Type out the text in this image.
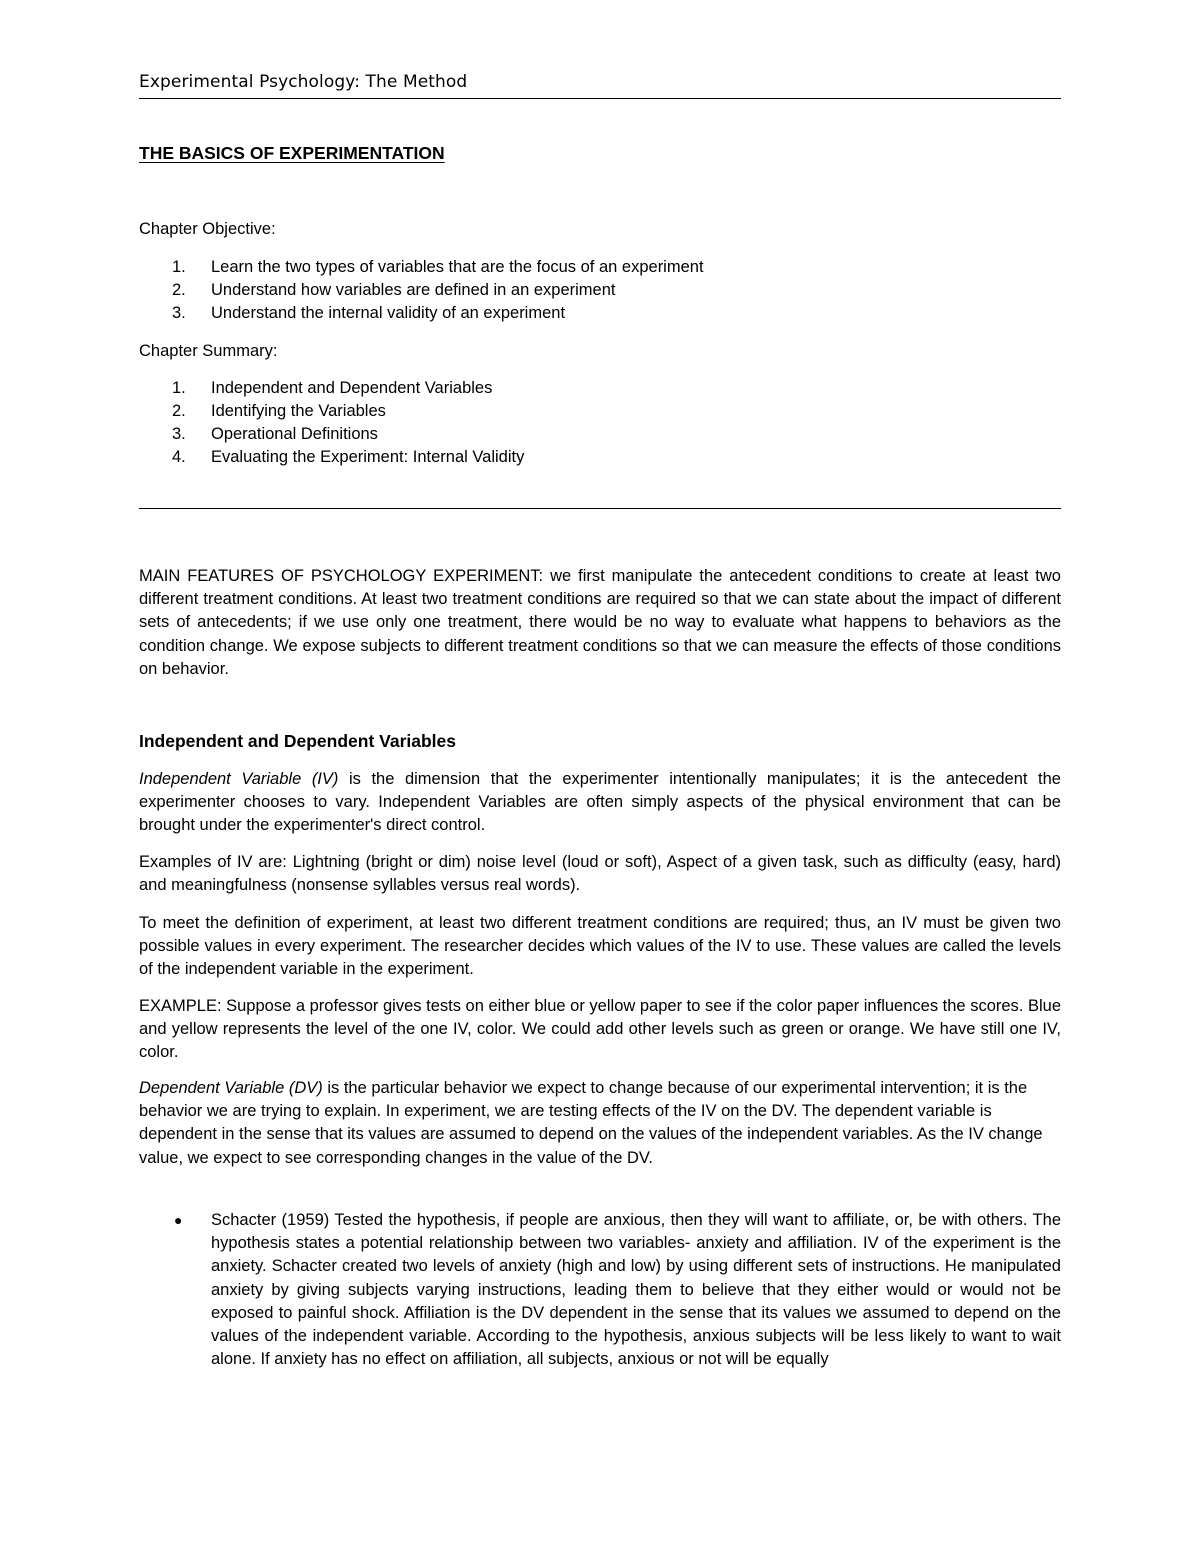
Experimental Psychology: The Method
THE BASICS OF EXPERIMENTATION
Chapter Objective:
1.	Learn the two types of variables that are the focus of an experiment
2.	Understand how variables are defined in an experiment
3.	Understand the internal validity of an experiment
Chapter Summary:
1.	Independent and Dependent Variables
2.	Identifying the Variables
3.	Operational Definitions
4.	Evaluating the Experiment: Internal Validity

MAIN FEATURES OF PSYCHOLOGY EXPERIMENT: we first manipulate the antecedent conditions to create at least two different treatment conditions. At least two treatment conditions are required so that we can state about the impact of different sets of antecedents; if we use only one treatment, there would be no way to evaluate what happens to behaviors as the condition change. We expose subjects to different treatment conditions so that we can measure the effects of those conditions on behavior.

Independent and Dependent Variables

Independent Variable (IV) is the dimension that the experimenter intentionally manipulates; it is the antecedent the experimenter chooses to vary. Independent Variables are often simply aspects of the physical environment that can be brought under the experimenter's direct control.

Examples of IV are: Lightning (bright or dim) noise level (loud or soft), Aspect of a given task, such as difficulty (easy, hard) and meaningfulness (nonsense syllables versus real words).

To meet the definition of experiment, at least two different treatment conditions are required; thus, an IV must be given two possible values in every experiment. The researcher decides which values of the IV to use. These values are called the levels of the independent variable in the experiment.

EXAMPLE: Suppose a professor gives tests on either blue or yellow paper to see if the color paper influences the scores. Blue and yellow represents the level of the one IV, color. We could add other levels such as green or orange. We have still one IV, color.

Dependent Variable (DV) is the particular behavior we expect to change because of our experimental intervention; it is the behavior we are trying to explain. In experiment, we are testing effects of the IV on the DV. The dependent variable is dependent in the sense that its values are assumed to depend on the values of the independent variables. As the IV change value, we expect to see corresponding changes in the value of the DV.

●	Schacter (1959) Tested the hypothesis, if people are anxious, then they will want to affiliate, or, be with others. The hypothesis states a potential relationship between two variables- anxiety and affiliation. IV of the experiment is the anxiety. Schacter created two levels of anxiety (high and low) by using different sets of instructions. He manipulated anxiety by giving subjects varying instructions, leading them to believe that they either would or would not be exposed to painful shock. Affiliation is the DV dependent in the sense that its values we assumed to depend on the values of the independent variable. According to the hypothesis, anxious subjects will be less likely to want to wait alone. If anxiety has no effect on affiliation, all subjects, anxious or not will be equally
